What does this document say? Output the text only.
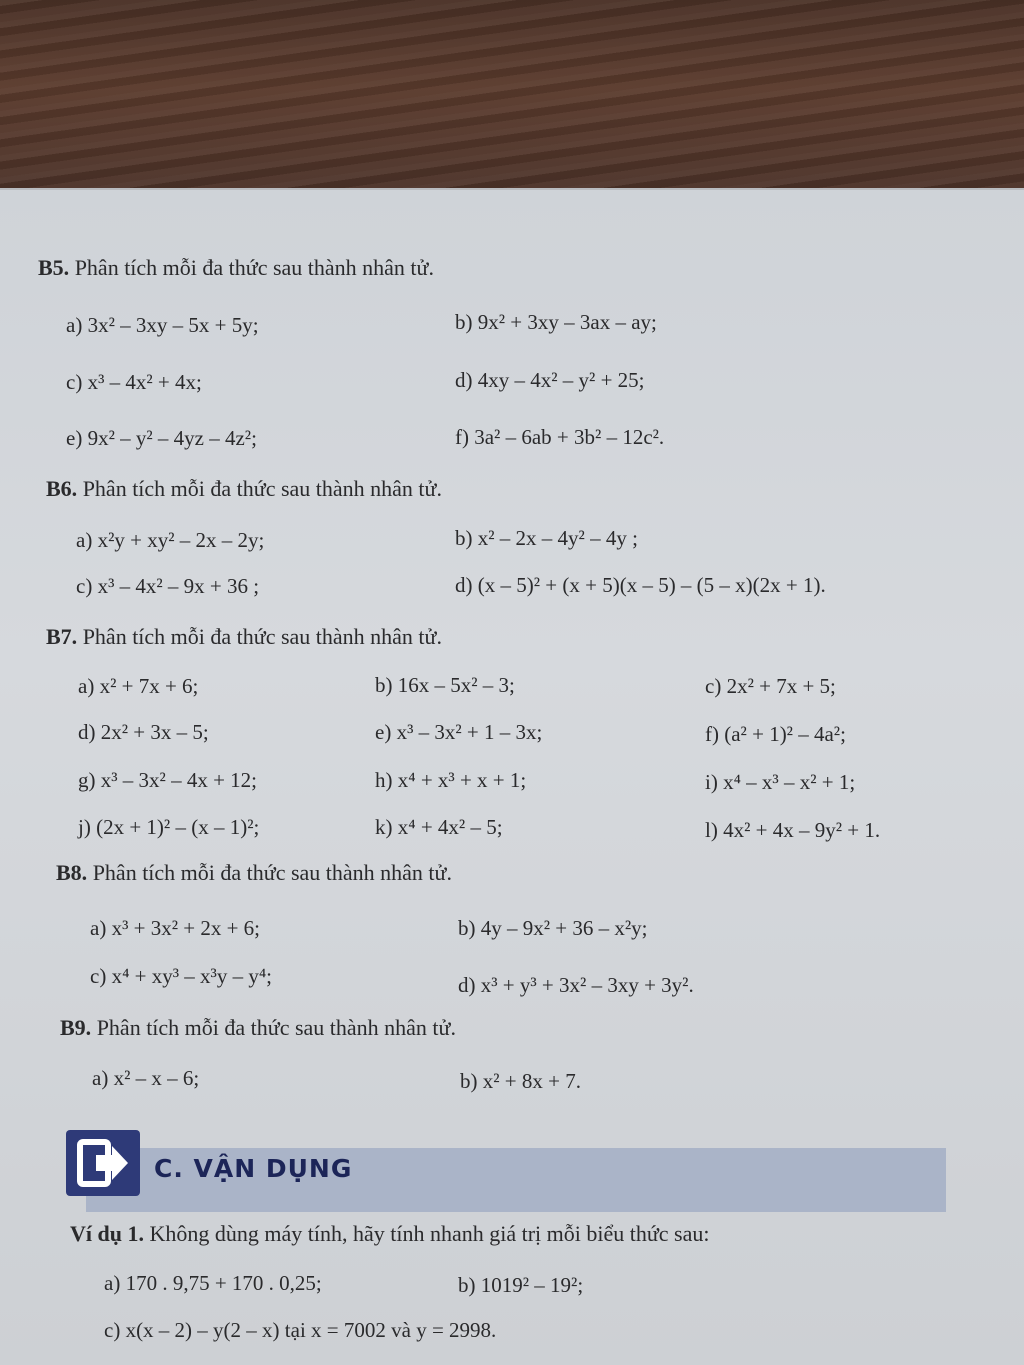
B5. Phân tích mỗi đa thức sau thành nhân tử.
a) 3x² – 3xy – 5x + 5y;	b) 9x² + 3xy – 3ax – ay;
c) x³ – 4x² + 4x;	d) 4xy – 4x² – y² + 25;
e) 9x² – y² – 4yz – 4z²;	f) 3a² – 6ab + 3b² – 12c².
B6. Phân tích mỗi đa thức sau thành nhân tử.
a) x²y + xy² – 2x – 2y;	b) x² – 2x – 4y² – 4y ;
c) x³ – 4x² – 9x + 36 ;	d) (x – 5)² + (x + 5)(x – 5) – (5 – x)(2x + 1).
B7. Phân tích mỗi đa thức sau thành nhân tử.
a) x² + 7x + 6;	b) 16x – 5x² – 3;	c) 2x² + 7x + 5;
d) 2x² + 3x – 5;	e) x³ – 3x² + 1 – 3x;	f) (a² + 1)² – 4a²;
g) x³ – 3x² – 4x + 12;	h) x⁴ + x³ + x + 1;	i) x⁴ – x³ – x² + 1;
j) (2x + 1)² – (x – 1)²;	k) x⁴ + 4x² – 5;	l) 4x² + 4x – 9y² + 1.
B8. Phân tích mỗi đa thức sau thành nhân tử.
a) x³ + 3x² + 2x + 6;	b) 4y – 9x² + 36 – x²y;
c) x⁴ + xy³ – x³y – y⁴;	d) x³ + y³ + 3x² – 3xy + 3y².
B9. Phân tích mỗi đa thức sau thành nhân tử.
a) x² – x – 6;	b) x² + 8x + 7.
C. VẬN DỤNG
Ví dụ 1. Không dùng máy tính, hãy tính nhanh giá trị mỗi biểu thức sau:
a) 170 . 9,75 + 170 . 0,25;	b) 1019² – 19²;
c) x(x – 2) – y(2 – x) tại x = 7002 và y = 2998.
